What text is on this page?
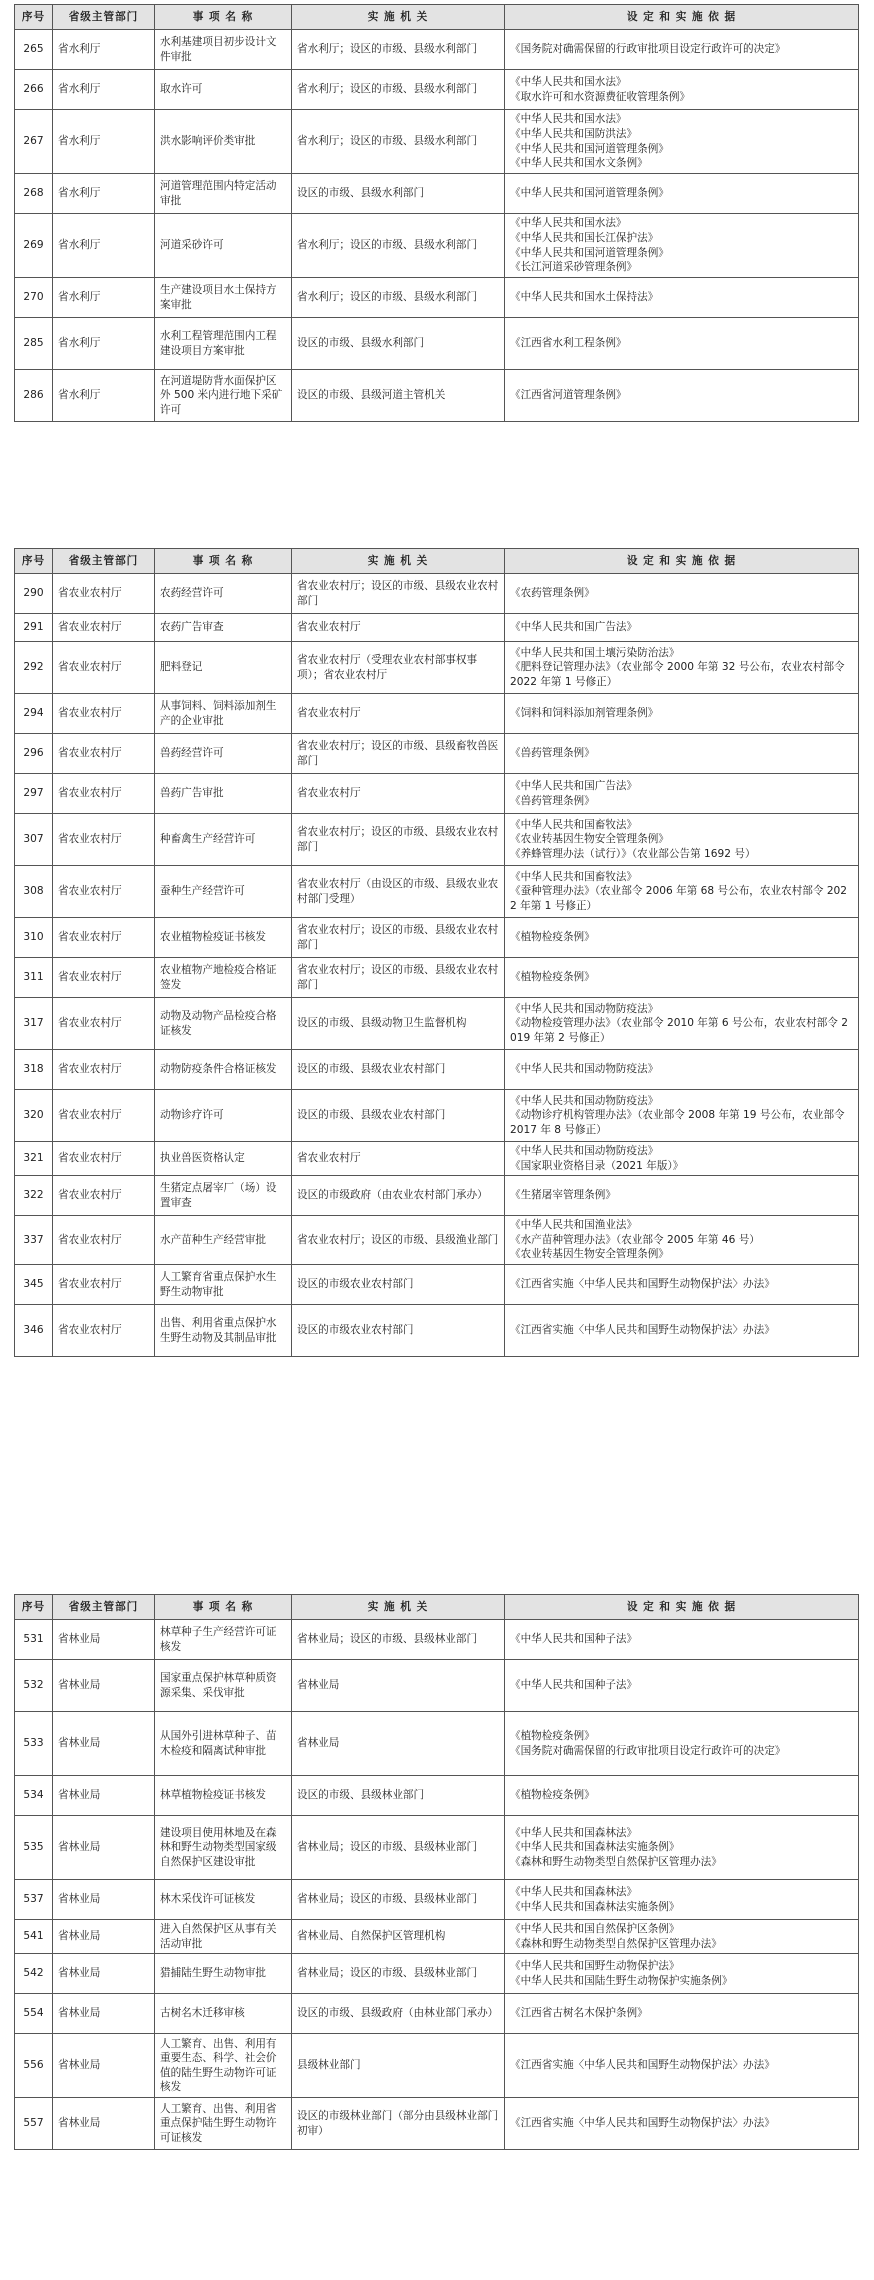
序号	省级主管部门	事 项 名 称	实 施 机 关	设 定 和 实 施 依 据
265	省水利厅	水利基建项目初步设计文件审批	省水利厅；设区的市级、县级水利部门	《国务院对确需保留的行政审批项目设定行政许可的决定》

266	省水利厅	取水许可	省水利厅；设区的市级、县级水利部门	《中华人民共和国水法》
《取水许可和水资源费征收管理条例》

267	省水利厅	洪水影响评价类审批	省水利厅；设区的市级、县级水利部门	《中华人民共和国水法》
《中华人民共和国防洪法》
《中华人民共和国河道管理条例》
《中华人民共和国水文条例》

268	省水利厅	河道管理范围内特定活动审批	设区的市级、县级水利部门	《中华人民共和国河道管理条例》

269	省水利厅	河道采砂许可	省水利厅；设区的市级、县级水利部门	《中华人民共和国水法》
《中华人民共和国长江保护法》
《中华人民共和国河道管理条例》
《长江河道采砂管理条例》

270	省水利厅	生产建设项目水土保持方案审批	省水利厅；设区的市级、县级水利部门	《中华人民共和国水土保持法》

285	省水利厅	水利工程管理范围内工程建设项目方案审批	设区的市级、县级水利部门	《江西省水利工程条例》

286	省水利厅	在河道堤防背水面保护区外 500 米内进行地下采矿许可	设区的市级、县级河道主管机关	《江西省河道管理条例》
序号	省级主管部门	事 项 名 称	实 施 机 关	设 定 和 实 施 依 据
290	省农业农村厅	农药经营许可	省农业农村厅；设区的市级、县级农业农村部门	《农药管理条例》

291	省农业农村厅	农药广告审查	省农业农村厅	《中华人民共和国广告法》

292	省农业农村厅	肥料登记	省农业农村厅（受理农业农村部事权事项）；省农业农村厅	《中华人民共和国土壤污染防治法》
《肥料登记管理办法》（农业部令 2000 年第 32 号公布，农业农村部令 2022 年第 1 号修正）

294	省农业农村厅	从事饲料、饲料添加剂生产的企业审批	省农业农村厅	《饲料和饲料添加剂管理条例》

296	省农业农村厅	兽药经营许可	省农业农村厅；设区的市级、县级畜牧兽医部门	《兽药管理条例》

297	省农业农村厅	兽药广告审批	省农业农村厅	《中华人民共和国广告法》
《兽药管理条例》

307	省农业农村厅	种畜禽生产经营许可	省农业农村厅；设区的市级、县级农业农村部门	《中华人民共和国畜牧法》
《农业转基因生物安全管理条例》
《养蜂管理办法（试行）》（农业部公告第 1692 号）

308	省农业农村厅	蚕种生产经营许可	省农业农村厅（由设区的市级、县级农业农村部门受理）	《中华人民共和国畜牧法》
《蚕种管理办法》（农业部令 2006 年第 68 号公布，农业农村部令 2022 年第 1 号修正）

310	省农业农村厅	农业植物检疫证书核发	省农业农村厅；设区的市级、县级农业农村部门	《植物检疫条例》

311	省农业农村厅	农业植物产地检疫合格证签发	省农业农村厅；设区的市级、县级农业农村部门	《植物检疫条例》

317	省农业农村厅	动物及动物产品检疫合格证核发	设区的市级、县级动物卫生监督机构	《中华人民共和国动物防疫法》
《动物检疫管理办法》（农业部令 2010 年第 6 号公布，农业农村部令 2019 年第 2 号修正）

318	省农业农村厅	动物防疫条件合格证核发	设区的市级、县级农业农村部门	《中华人民共和国动物防疫法》

320	省农业农村厅	动物诊疗许可	设区的市级、县级农业农村部门	《中华人民共和国动物防疫法》
《动物诊疗机构管理办法》（农业部令 2008 年第 19 号公布，农业部令 2017 年 8 号修正）

321	省农业农村厅	执业兽医资格认定	省农业农村厅	《中华人民共和国动物防疫法》
《国家职业资格目录（2021 年版）》

322	省农业农村厅	生猪定点屠宰厂（场）设置审查	设区的市级政府（由农业农村部门承办）	《生猪屠宰管理条例》

337	省农业农村厅	水产苗种生产经营审批	省农业农村厅；设区的市级、县级渔业部门	《中华人民共和国渔业法》
《水产苗种管理办法》（农业部令 2005 年第 46 号）
《农业转基因生物安全管理条例》

345	省农业农村厅	人工繁育省重点保护水生野生动物审批	设区的市级农业农村部门	《江西省实施〈中华人民共和国野生动物保护法〉办法》

346	省农业农村厅	出售、利用省重点保护水生野生动物及其制品审批	设区的市级农业农村部门	《江西省实施〈中华人民共和国野生动物保护法〉办法》
序号	省级主管部门	事 项 名 称	实 施 机 关	设 定 和 实 施 依 据
531	省林业局	林草种子生产经营许可证核发	省林业局；设区的市级、县级林业部门	《中华人民共和国种子法》

532	省林业局	国家重点保护林草种质资源采集、采伐审批	省林业局	《中华人民共和国种子法》

533	省林业局	从国外引进林草种子、苗木检疫和隔离试种审批	省林业局	《植物检疫条例》
《国务院对确需保留的行政审批项目设定行政许可的决定》

534	省林业局	林草植物检疫证书核发	设区的市级、县级林业部门	《植物检疫条例》

535	省林业局	建设项目使用林地及在森林和野生动物类型国家级自然保护区建设审批	省林业局；设区的市级、县级林业部门	《中华人民共和国森林法》
《中华人民共和国森林法实施条例》
《森林和野生动物类型自然保护区管理办法》

537	省林业局	林木采伐许可证核发	省林业局；设区的市级、县级林业部门	《中华人民共和国森林法》
《中华人民共和国森林法实施条例》

541	省林业局	进入自然保护区从事有关活动审批	省林业局、自然保护区管理机构	《中华人民共和国自然保护区条例》
《森林和野生动物类型自然保护区管理办法》

542	省林业局	猎捕陆生野生动物审批	省林业局；设区的市级、县级林业部门	《中华人民共和国野生动物保护法》
《中华人民共和国陆生野生动物保护实施条例》

554	省林业局	古树名木迁移审核	设区的市级、县级政府（由林业部门承办）	《江西省古树名木保护条例》

556	省林业局	人工繁育、出售、利用有重要生态、科学、社会价值的陆生野生动物许可证核发	县级林业部门	《江西省实施〈中华人民共和国野生动物保护法〉办法》

557	省林业局	人工繁育、出售、利用省重点保护陆生野生动物许可证核发	设区的市级林业部门（部分由县级林业部门初审）	《江西省实施〈中华人民共和国野生动物保护法〉办法》
